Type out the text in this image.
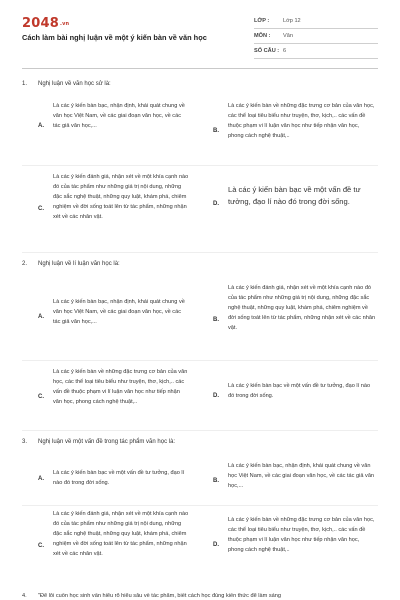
2048.vn
Cách làm bài nghị luận về một ý kiến bàn về văn học
LỚP : Lớp 12
MÔN : Văn
SỐ CÂU : 6
1. Nghị luận về văn học sử là:
A.
Là các ý kiến bàn bạc, nhận định, khái quát chung về văn học Việt Nam, về các giai đoạn văn học, về các tác giả văn học,...
B.
Là các ý kiến bàn về những đặc trưng cơ bản của văn học, các thể loại tiêu biểu như truyện, thơ, kịch,.. các vấn đề thuộc phạm vi lí luận văn học như tiếp nhận văn học, phong cách nghệ thuật,..
C.
Là các ý kiến đánh giá, nhận xét về một khía cạnh nào đó của tác phẩm như những giá trị nội dung, những đặc sắc nghệ thuật, những quy luật, khám phá, chiêm nghiệm về đời sống toát lên từ tác phẩm, những nhận xét về các nhân vật.
D.
Là các ý kiến bàn bạc về một vấn đề tư tưởng, đạo lí nào đó trong đời sống.
2. Nghị luận về lí luận văn học là:
A.
Là các ý kiến bàn bạc, nhận định, khái quát chung về văn học Việt Nam, về các giai đoạn văn học, về các tác giả văn học,...	B.
Là các ý kiến đánh giá, nhận xét về một khía cạnh nào đó của tác phẩm như những giá trị nội dung, những đặc sắc nghệ thuật, những quy luật, khám phá, chiêm nghiệm về đời sống toát lên từ tác phẩm, những nhận xét về các nhân vật.
C.
Là các ý kiến bàn về những đặc trưng cơ bản của văn học, các thể loại tiêu biểu như truyện, thơ, kịch,.. các vấn đề thuộc phạm vi lí luận văn học như tiếp nhận văn học, phong cách nghệ thuật,..
D.
Là các ý kiến bàn bạc về một vấn đề tư tưởng, đạo lí nào đó trong đời sống.
3. Nghị luận về một vấn đề trong tác phẩm văn học là:
A.
Là các ý kiến bàn bạc về một vấn đề tư tưởng, đạo lí nào đó trong đời sống.	B.
Là các ý kiến bàn bạc, nhận định, khái quát chung về văn học Việt Nam, về các giai đoạn văn học, về các tác giả văn học,...
C.
Là các ý kiến đánh giá, nhận xét về một khía cạnh nào đó của tác phẩm như những giá trị nội dung, những đặc sắc nghệ thuật, những quy luật, khám phá, chiêm nghiệm về đời sống toát lên từ tác phẩm, những nhận xét về các nhân vật.
D.
Là các ý kiến bàn về những đặc trưng cơ bản của văn học, các thể loại tiêu biểu như truyện, thơ, kịch,.. các vấn đề thuộc phạm vi lí luận văn học như tiếp nhận văn học, phong cách nghệ thuật,..
4. "Để lôi cuốn học sinh vấn hiểu rõ hiểu sâu về tác phẩm, biết cách học đúng kiến thức để làm sáng
